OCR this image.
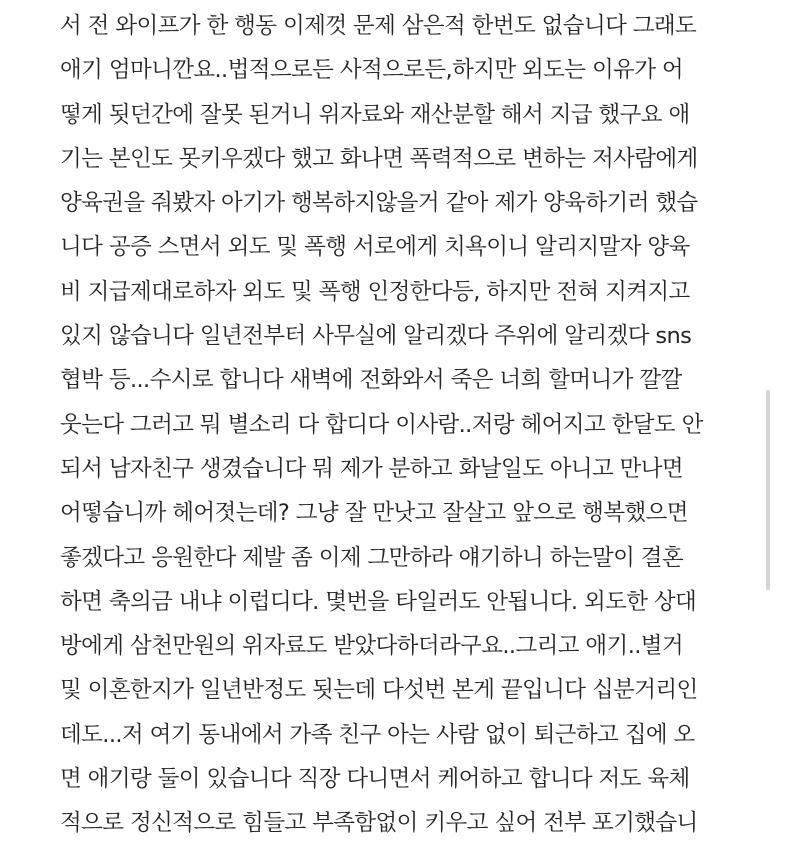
서 전 와이프가 한 행동 이제껏 문제 삼은적 한번도 없습니다 그래도
애기 엄마니깐요..법적으로든 사적으로든,하지만 외도는 이유가 어
떻게 됫던간에 잘못 된거니 위자료와 재산분할 해서 지급 했구요 애
기는 본인도 못키우겠다 했고 화나면 폭력적으로 변하는 저사람에게
양육권을 줘봤자 아기가 행복하지않을거 같아 제가 양육하기러 했습
니다 공증 스면서 외도 및 폭행 서로에게 치욕이니 알리지말자 양육
비 지급제대로하자 외도 및 폭행 인정한다등, 하지만 전혀 지켜지고
있지 않습니다 일년전부터 사무실에 알리겠다 주위에 알리겠다 sns
협박 등...수시로 합니다 새벽에 전화와서 죽은 너희 할머니가 깔깔
웃는다 그러고 뭐 별소리 다 합디다 이사람..저랑 헤어지고 한달도 안
되서 남자친구 생겼습니다 뭐 제가 분하고 화날일도 아니고 만나면
어떻습니까 헤어졋는데? 그냥 잘 만낫고 잘살고 앞으로 행복했으면
좋겠다고 응원한다 제발 좀 이제 그만하라 얘기하니 하는말이 결혼
하면 축의금 내냐 이럽디다. 몇번을 타일러도 안됩니다. 외도한 상대
방에게 삼천만원의 위자료도 받았다하더라구요..그리고 애기..별거
및 이혼한지가 일년반정도 됫는데 다섯번 본게 끝입니다 십분거리인
데도...저 여기 동내에서 가족 친구 아는 사람 없이 퇴근하고 집에 오
면 애기랑 둘이 있습니다 직장 다니면서 케어하고 합니다 저도 육체
적으로 정신적으로 힘들고 부족함없이 키우고 싶어 전부 포기했습니
